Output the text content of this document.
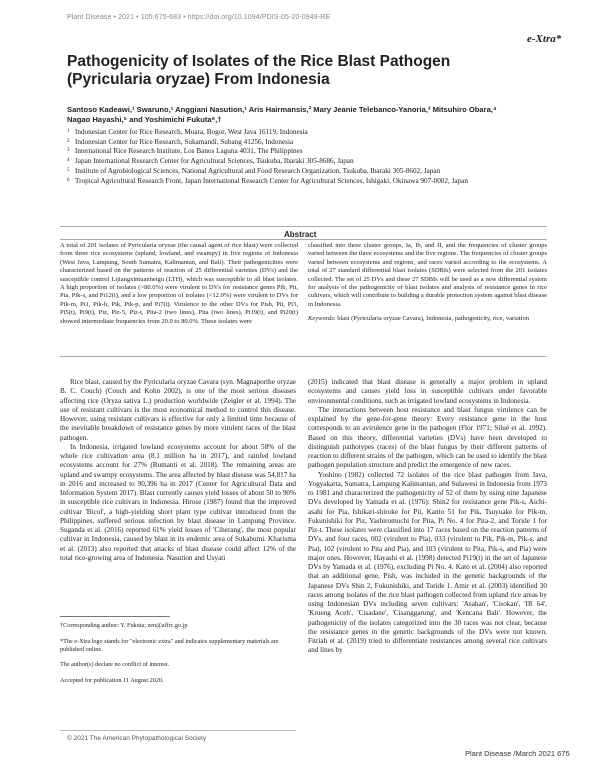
Plant Disease • 2021 • 105:675-683 • https://doi.org/10.1094/PDIS-05-20-0949-RE
e-Xtra*
Pathogenicity of Isolates of the Rice Blast Pathogen (Pyricularia oryzae) From Indonesia
Santoso Kadeawi,¹ Swaruno,¹ Anggiani Nasution,¹ Aris Hairmansis,² Mary Jeanie Telebanco-Yanoria,³ Mitsuhiro Obara,⁴
Nagao Hayashi,⁵ and Yoshimichi Fukuta⁶,†
1 Indonesian Center for Rice Research, Muara, Bogor, West Java 16119, Indonesia
2 Indonesian Center for Rice Research, Sukamandi, Subang 41256, Indonesia
3 International Rice Research Institute, Los Banos Laguna 4031, The Philippines
4 Japan International Research Center for Agricultural Sciences, Tsukuba, Ibaraki 305-8686, Japan
5 Institute of Agrobiological Sciences, National Agricultural and Food Research Organization, Tsukuba, Ibaraki 305-8602, Japan
6 Tropical Agricultural Research Front, Japan International Research Center for Agricultural Sciences, Ishigaki, Okinawa 907-0002, Japan
Abstract
A total of 201 isolates of Pyricularia oryzae (the causal agent of rice blast) were collected from three rice ecosystems (upland, lowland, and swampy) in five regions of Indonesia (West Java, Lampung, South Sumatra, Kalimantan, and Bali). Their pathogenicities were characterized based on the patterns of reaction of 25 differential varieties (DVs) and the susceptible control Lijiangxintuanheigu (LTH), which was susceptible to all blast isolates. A high proportion of isolates (>80.0%) were virulent to DVs for resistance genes Pib, Pit, Pia, Pik-s, and Pi12(t), and a low proportion of isolates (<12.9%) were virulent to DVs for Pik-m, Pi1, Pik-h, Pik, Pik-p, and Pi7(t). Virulence to the other DVs for Pish, Pii, Pi3, Pi5(t), Pi9(t), Piz, Piz-5, Piz-t, Pita-2 (two lines), Pita (two lines), Pi19(t), and Pi20(t) showed intermediate frequencies from 20.0 to 80.0%. These isolates were
classified into three cluster groups, Ia, Ib, and II, and the frequencies of cluster groups varied between the three ecosystems and the five regions. The frequencies of cluster groups varied between ecosystems and regions, and races varied according to the ecosystems. A total of 27 standard differential blast isolates (SDBIs) were selected from the 201 isolates collected. The set of 25 DVs and these 27 SDBIs will be used as a new differential system for analysis of the pathogenicity of blast isolates and analysis of resistance genes in rice cultivars, which will contribute to building a durable protection system against blast disease in Indonesia.
Keywords: blast (Pyricularia oryzae Cavara), Indonesia, pathogenicity, rice, variation

Rice blast, caused by the Pyricularia oryzae Cavara (syn. Magnaporthe oryzae B. C. Couch) (Couch and Kohn 2002), is one of the most serious diseases affecting rice (Oryza sativa L.) production worldwide (Zeigler et al. 1994). The use of resistant cultivars is the most economical method to control this disease. However, using resistant cultivars is effective for only a limited time because of the inevitable breakdown of resistance genes by more virulent races of the blast pathogen.

In Indonesia, irrigated lowland ecosystems account for about 58% of the whole rice cultivation area (8.1 million ha in 2017), and rainfed lowland ecosystems account for 27% (Rumanti et al. 2018). The remaining areas are upland and swampy ecosystems. The area affected by blast disease was 54,817 ha in 2016 and increased to 90,396 ha in 2017 (Center for Agricultural Data and Information System 2017). Blast currently causes yield losses of about 50 to 90% in susceptible rice cultivars in Indonesia. Hirose (1987) found that the improved cultivar 'Bicol', a high-yielding short plant type cultivar introduced from the Philippines, suffered serious infection by blast disease in Lampung Province. Suganda et al. (2016) reported 61% yield losses of 'Ciherang', the most popular cultivar in Indonesia, caused by blast in its endemic area of Sukabumi. Kharisma et al. (2013) also reported that attacks of blast disease could affect 12% of the total rice-growing area of Indonesia. Nasution and Usyati

†Corresponding author: Y. Fukuta; zen@affrc.go.jp
*The e-Xtra logo stands for "electronic extra" and indicates supplementary materials are published online.
The author(s) declare no conflict of interest.
Accepted for publication 11 August 2020.
© 2021 The American Phytopathological Society

(2015) indicated that blast disease is generally a major problem in upland ecosystems and causes yield loss in susceptible cultivars under favorable environmental conditions, such as irrigated lowland ecosystems in Indonesia.

The interactions between host resistance and blast fungus virulence can be explained by the gene-for-gene theory: Every resistance gene in the host corresponds to an avirulence gene in the pathogen (Flor 1971; Silué et al. 1992). Based on this theory, differential varieties (DVs) have been developed to distinguish pathotypes (races) of the blast fungus by their different patterns of reaction to different strains of the pathogen, which can be used to identify the blast pathogen population structure and predict the emergence of new races.

Yoshino (1982) collected 72 isolates of the rice blast pathogen from Java, Yogyakarta, Sumatra, Lampung Kalimantan, and Sulawesi in Indonesia from 1973 to 1981 and characterized the pathogenicity of 52 of them by using nine Japanese DVs developed by Yamada et al. (1976): Shin2 for resistance gene Pik-s, Aichi-asahi for Pia, Ishikari-shiroke for Pii, Kanto 51 for Pik, Tsuyuake for Pik-m, Fukunishiki for Piz, Yashiromochi for Pita, Pi No. 4 for Pita-2, and Toride 1 for Piz-t. These isolates were classified into 17 races based on the reaction patterns of DVs, and four races, 002 (virulent to Pia), 033 (virulent to Pik, Pik-m, Pik-s, and Pia), 102 (virulent to Pita and Pia), and 103 (virulent to Pita, Pik-s, and Pia) were major ones. However, Hayashi et al. (1998) detected Pi19(t) in the set of Japanese DVs by Yamada et al. (1976), excluding Pi No. 4. Kato et al. (2004) also reported that an additional gene, Pish, was included in the genetic backgrounds of the Japanese DVs Shin 2, Fukunishiki, and Toride 1. Amir et al. (2003) identified 30 races among isolates of the rice blast pathogen collected from upland rice areas by using Indonesian DVs including seven cultivars: 'Asahan', 'Cisokan', 'IR 64', 'Krueng Aceh', 'Cisadane', 'Cisanggarung', and 'Kencana Bali'. However, the pathogenicity of the isolates categorized into the 30 races was not clear, because the resistance genes in the genetic backgrounds of the DVs were not known. Fitriah et al. (2019) tried to differentiate resistances among several rice cultivars and lines by

Plant Disease /March 2021 675
